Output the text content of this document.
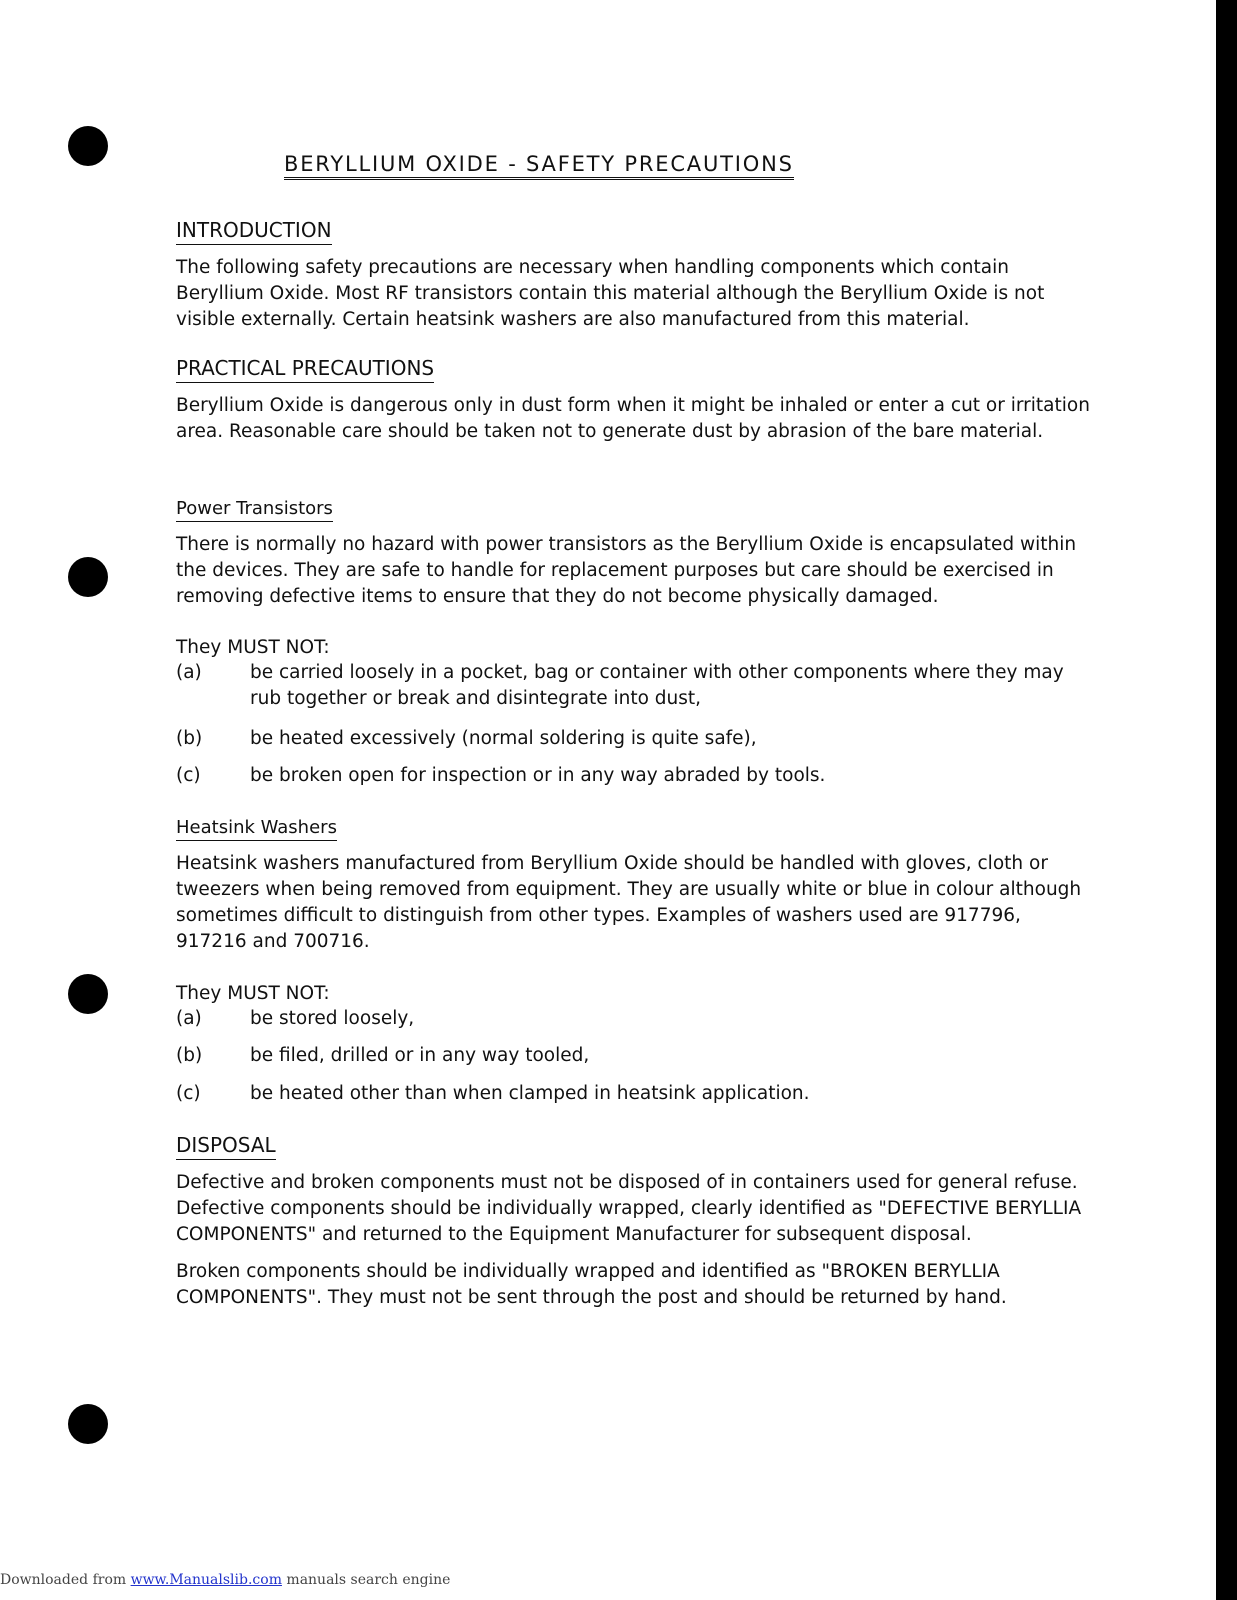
BERYLLIUM OXIDE - SAFETY PRECAUTIONS
INTRODUCTION
The following safety precautions are necessary when handling components which contain Beryllium Oxide. Most RF transistors contain this material although the Beryllium Oxide is not visible externally. Certain heatsink washers are also manufactured from this material.
PRACTICAL PRECAUTIONS
Beryllium Oxide is dangerous only in dust form when it might be inhaled or enter a cut or irritation area. Reasonable care should be taken not to generate dust by abrasion of the bare material.
Power Transistors
There is normally no hazard with power transistors as the Beryllium Oxide is encapsulated within the devices. They are safe to handle for replacement purposes but care should be exercised in removing defective items to ensure that they do not become physically damaged.
They MUST NOT:
(a)	be carried loosely in a pocket, bag or container with other components where they may rub together or break and disintegrate into dust,
(b)	be heated excessively (normal soldering is quite safe),
(c)	be broken open for inspection or in any way abraded by tools.
Heatsink Washers
Heatsink washers manufactured from Beryllium Oxide should be handled with gloves, cloth or tweezers when being removed from equipment. They are usually white or blue in colour although sometimes difficult to distinguish from other types. Examples of washers used are 917796, 917216 and 700716.
They MUST NOT:
(a)	be stored loosely,
(b)	be filed, drilled or in any way tooled,
(c)	be heated other than when clamped in heatsink application.
DISPOSAL
Defective and broken components must not be disposed of in containers used for general refuse. Defective components should be individually wrapped, clearly identified as "DEFECTIVE BERYLLIA COMPONENTS" and returned to the Equipment Manufacturer for subsequent disposal.
Broken components should be individually wrapped and identified as "BROKEN BERYLLIA COMPONENTS". They must not be sent through the post and should be returned by hand.
Downloaded from www.Manualslib.com manuals search engine
